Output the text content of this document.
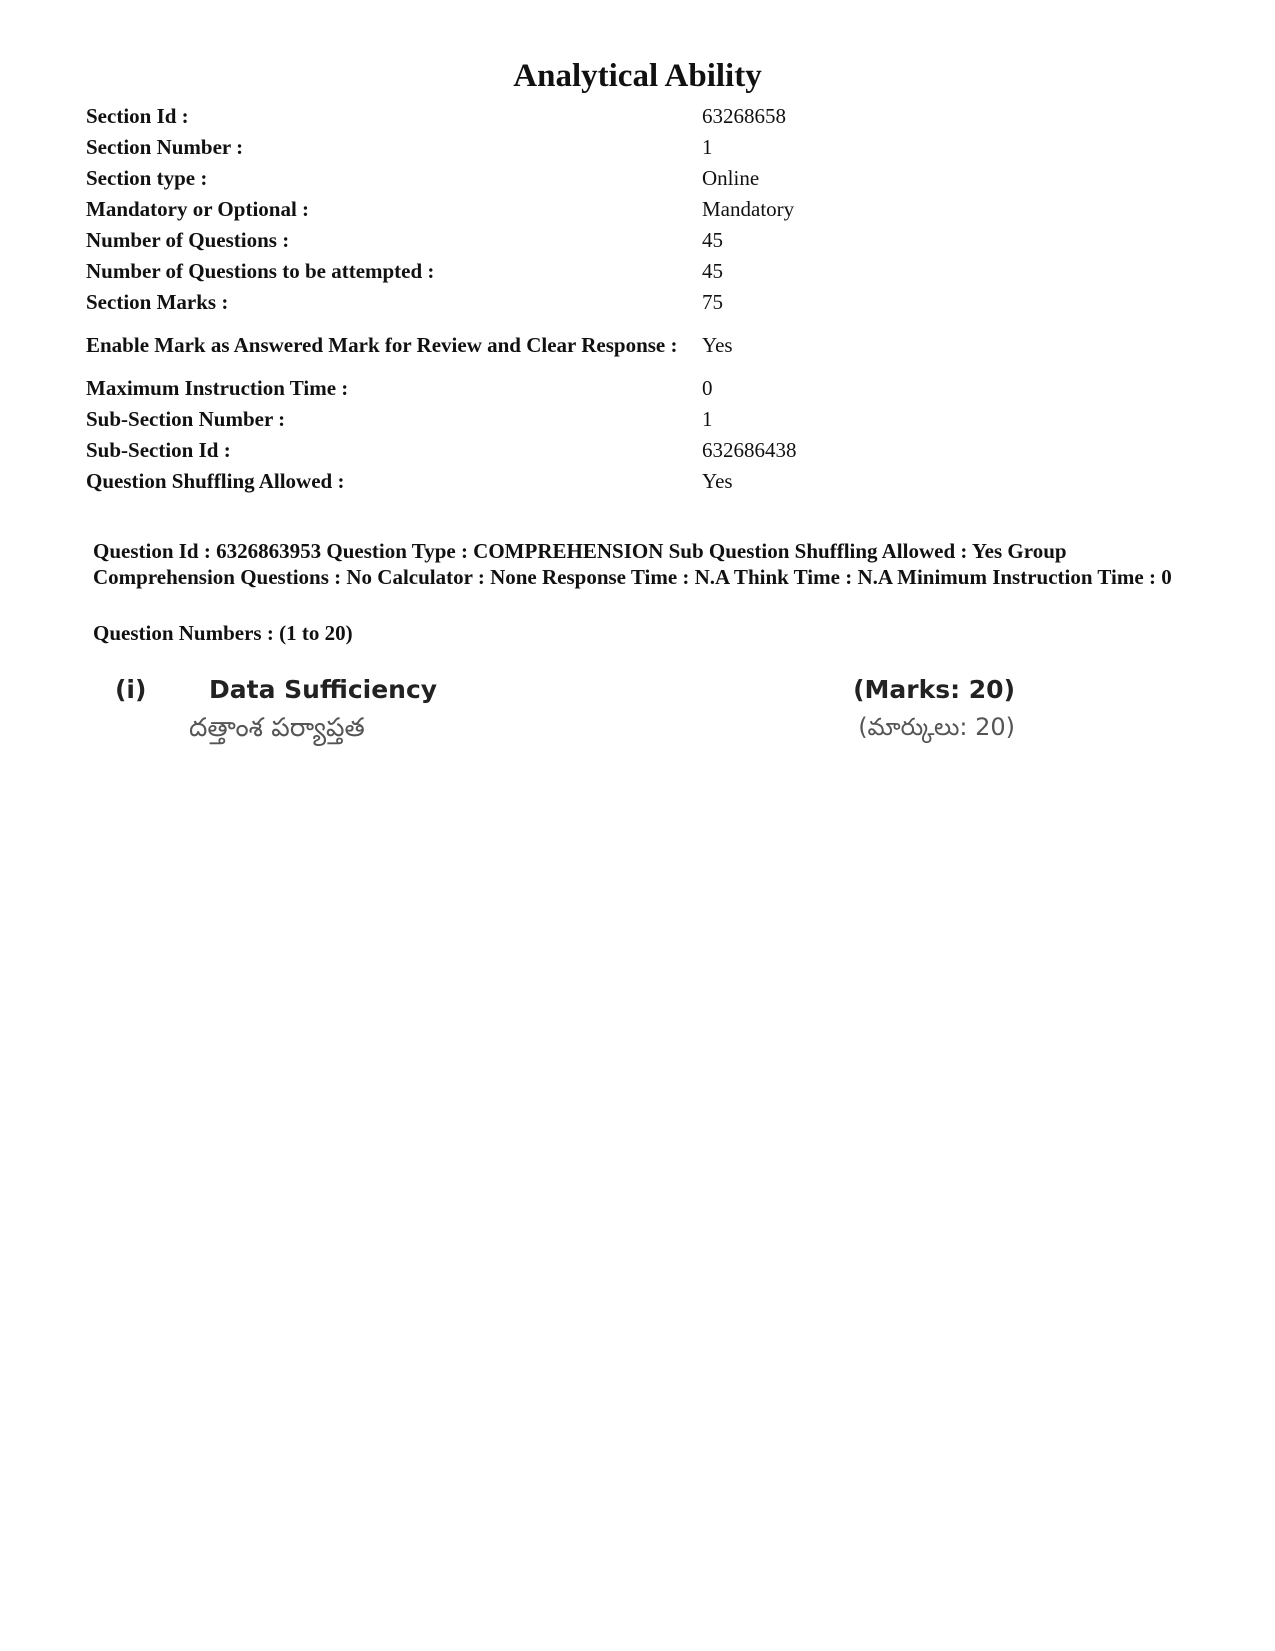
Analytical Ability
Section Id :	63268658
Section Number :	1
Section type :	Online
Mandatory or Optional :	Mandatory
Number of Questions :	45
Number of Questions to be attempted :	45
Section Marks :	75
Enable Mark as Answered Mark for Review and Clear Response :	Yes
Maximum Instruction Time :	0
Sub-Section Number :	1
Sub-Section Id :	632686438
Question Shuffling Allowed :	Yes

Question Id : 6326863953 Question Type : COMPREHENSION Sub Question Shuffling Allowed : Yes Group Comprehension Questions : No Calculator : None Response Time : N.A Think Time : N.A Minimum Instruction Time : 0

Question Numbers : (1 to 20)

(i)	Data Sufficiency	(Marks: 20)
దత్తాంశ పర్యాప్తత	(మార్కులు: 20)
